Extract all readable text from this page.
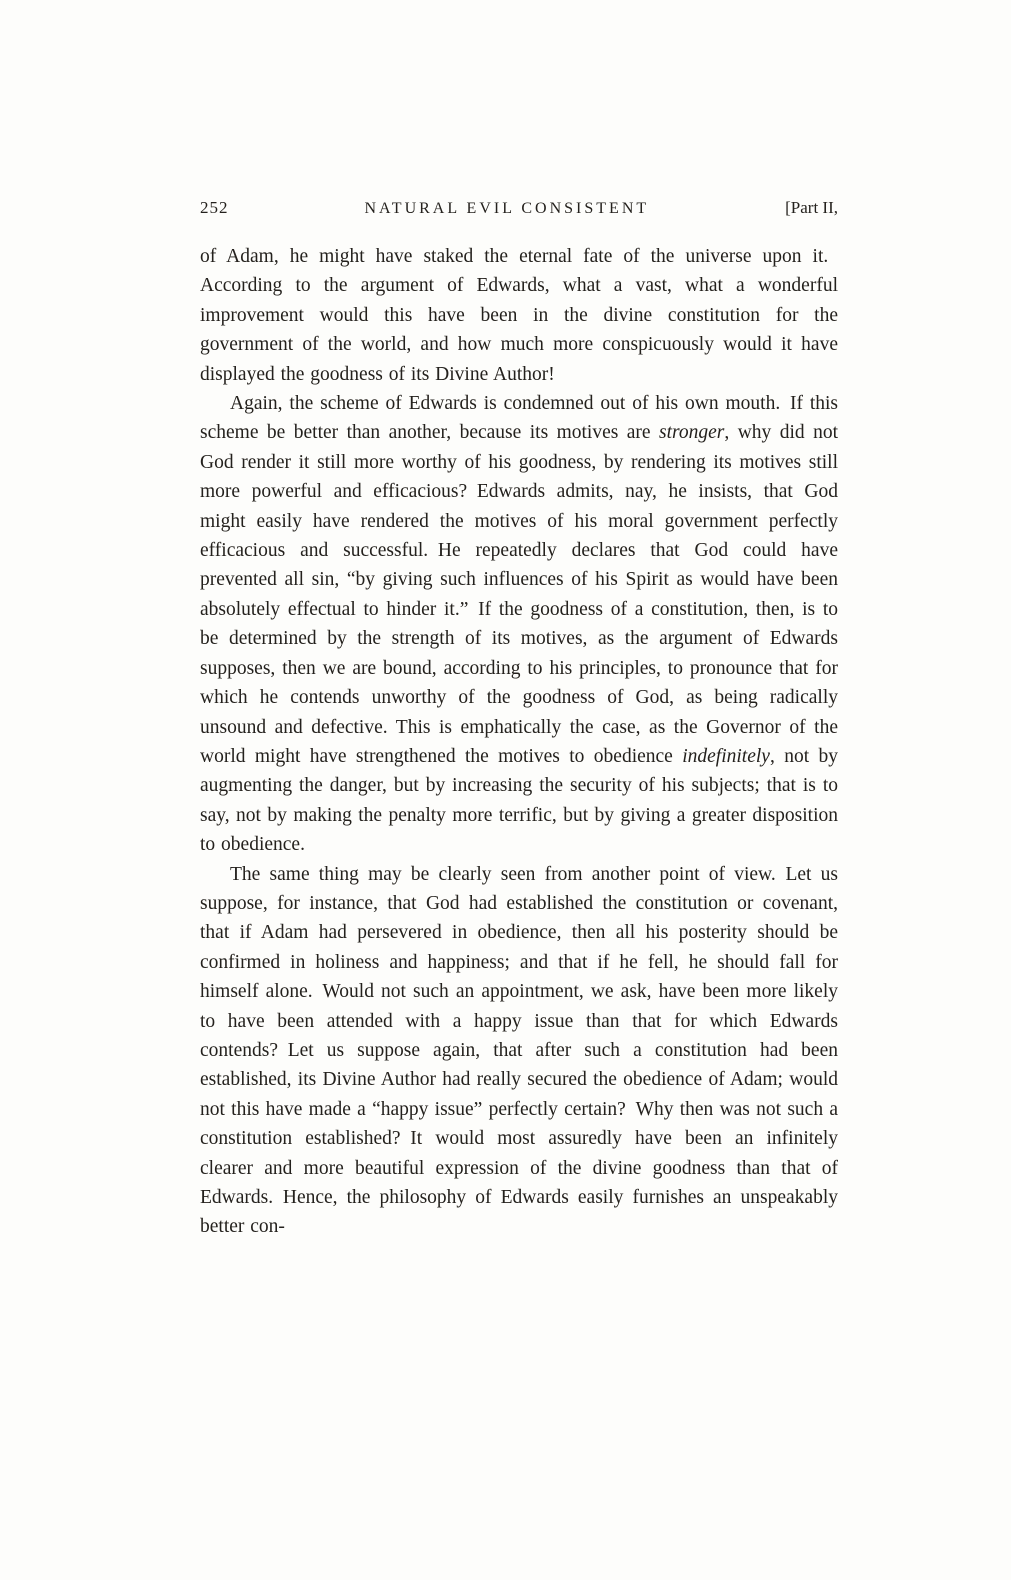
252	NATURAL EVIL CONSISTENT	[Part II,

of Adam, he might have staked the eternal fate of the universe upon it. According to the argument of Edwards, what a vast, what a wonderful improvement would this have been in the divine constitution for the government of the world, and how much more conspicuously would it have displayed the goodness of its Divine Author!

Again, the scheme of Edwards is condemned out of his own mouth. If this scheme be better than another, because its motives are stronger, why did not God render it still more worthy of his goodness, by rendering its motives still more powerful and efficacious? Edwards admits, nay, he insists, that God might easily have rendered the motives of his moral government perfectly efficacious and successful. He repeatedly declares that God could have prevented all sin, “by giving such influences of his Spirit as would have been absolutely effectual to hinder it.” If the goodness of a constitution, then, is to be determined by the strength of its motives, as the argument of Edwards supposes, then we are bound, according to his principles, to pronounce that for which he contends unworthy of the goodness of God, as being radically unsound and defective. This is emphatically the case, as the Governor of the world might have strengthened the motives to obedience indefinitely, not by augmenting the danger, but by increasing the security of his subjects; that is to say, not by making the penalty more terrific, but by giving a greater disposition to obedience.

The same thing may be clearly seen from another point of view. Let us suppose, for instance, that God had established the constitution or covenant, that if Adam had persevered in obedience, then all his posterity should be confirmed in holiness and happiness; and that if he fell, he should fall for himself alone. Would not such an appointment, we ask, have been more likely to have been attended with a happy issue than that for which Edwards contends? Let us suppose again, that after such a constitution had been established, its Divine Author had really secured the obedience of Adam; would not this have made a “happy issue” perfectly certain? Why then was not such a constitution established? It would most assuredly have been an infinitely clearer and more beautiful expression of the divine goodness than that of Edwards. Hence, the philosophy of Edwards easily furnishes an unspeakably better con-
